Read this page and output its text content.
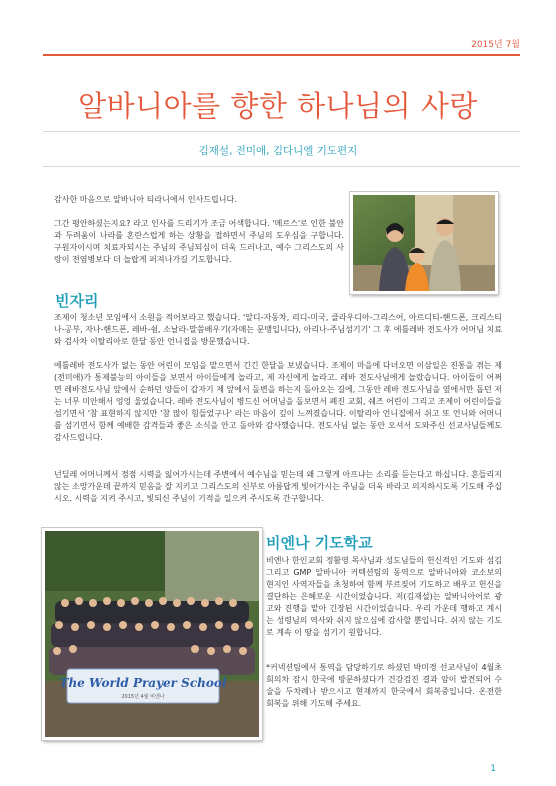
2015년 7월
알바니아를 향한 하나님의 사랑
김재설, 전미애, 김다니엘 기도편지

감사한 마음으로 알바니아 티라니에서 인사드립니다.

그간 평안하셨는지요? 라고 인사를 드리기가 조금 어색합니다. '메르스'로 인한 불안과 두려움이 나라를 혼란스럽게 하는 상황을 접하면서 주님의 도우심을 구합니다. 구원자이시며 치료자되시는 주님의 주님되심이 더욱 드러나고, 예수 그리스도의 사랑이 전염병보다 더 놀랍게 퍼져나가길 기도합니다.

빈자리

조제이 청소년 모임에서 소원을 적어보라고 했습니다. '알디-자동차, 리디-미국, 클라우디아-그리스어, 아르디티-핸드폰, 크리스티나-공부, 자나-핸드폰, 레바-쉼, 소날라-말씀배우기(자매는 문맹입니다), 아리나-주님섬기기' 그 후 에틀레바 전도사가 어머님 치료와 검사차 이탈리아로 한달 동안 언니집을 방문했습니다.

에틀레바 전도사가 없는 동안 어린이 모임을 맡으면서 긴긴 한달을 보냈습니다. 조제이 마을에 다녀오면 이삼일은 진통을 겪는 제(전미애)가 통제불능의 아이들을 보면서 아이들에게 놀라고, 제 자신에게 놀라고. 레바 전도사님에게 놀랐습니다. 아이들이 어쩌면 레바전도사님 앞에서 순하던 양들이 갑자기 제 앞에서 돌변을 하는지 돌아오는 길에, 그동안 레바 전도사님을 옆에서만 돕던 저는 너무 미안해서 엉엉 울었습니다. 레바 전도사님이 병드신 어머님을 돌보면서 폐진 교회, 쉐즈 어린이 그리고 조제이 어린이들을 섬기면서 '참 표현하지 않지만 '참 많이 힘들었구나' 라는 마음이 깊이 느껴졌습니다. 이탈리아 언니집에서 쉬고 또 언니와 어머니를 섬기면서 함께 예배한 감격들과 좋은 소식을 안고 돌아와 감사했습니다. 전도사님 없는 동안 오셔서 도와주신 선교사님들께도 감사드립니다.

넌딜레 어머니께서 점점 시력을 잃어가시는데 주변에서 예수님을 믿는데 왜 그렇게 아프냐는 소리를 듣는다고 하십니다. 흔들리지 않는 소망가운데 끝까지 믿음을 잘 지키고 그리스도의 신부로 아름답게 빛어가시는 주님을 더욱 바라고 의지하시도록 기도해 주십시오. 시력을 지켜 주시고, 빛되신 주님이 기적을 일으켜 주시도록 간구합니다.

The World Prayer School
2015년 4월 비엔나
비엔나 기도학교

비엔나 한인교회 정활영 목사님과 성도님들의 헌신적인 기도와 섬김 그리고 GMP 알바니아 커텍션팀의 동역으로 알바니아와 코소보의 현지인 사역자들을 초청하여 함께 부르짖어 기도하고 배우고 헌신을 결단하는 은혜로운 시간이었습니다. 저(김재설)는 알바니아어로 광고와 진행을 맡아 긴장된 시간이었습니다. 우리 가운데 행하고 계시는 성령님의 역사와 쉬지 않으심에 감사할 뿐입니다. 쉬지 않는 기도로 계속 이 땅을 섬기기 원합니다.

*커넥션팀에서 통역을 담당하기로 하셨던 박미경 선교사님이 4월초 회의차 잠시 한국에 방문하셨다가 건강검진 결과 암이 발견되어 수술을 두차례나 받으시고 현재까지 한국에서 회복중입니다. 온전한 회복을 위해 기도해 주세요.

1
